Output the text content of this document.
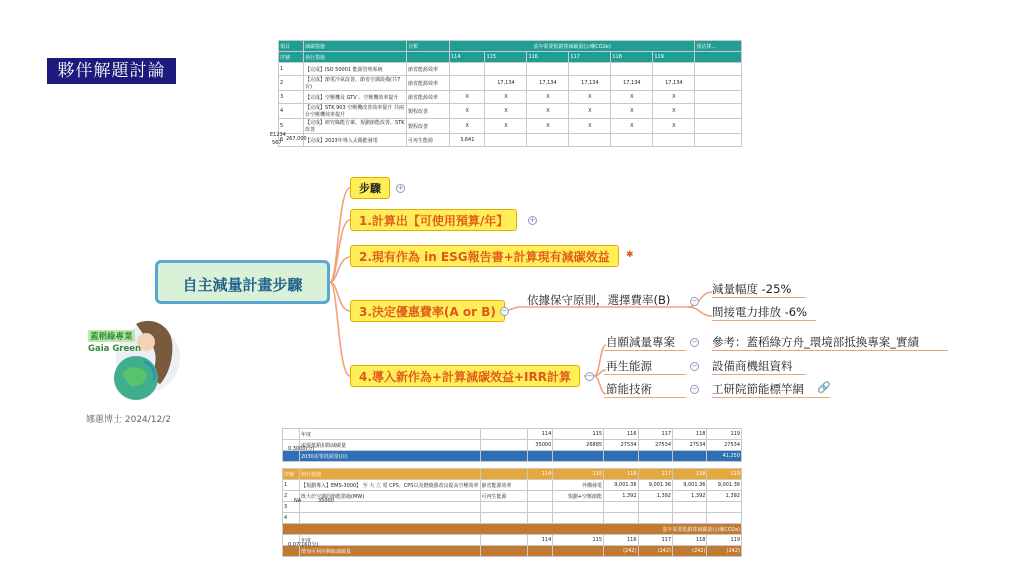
夥伴解題討論
項目	減碳措施	分類	基年需要抵銷排減碳量(公噸CO2e)						預估排...
序號	執行措施		114	115	116	117	118	119	
1	【完成】ISO 50001 能源管理系統	節省能源效率							
2	【完成】節電冷氣改善、節省空調設備(共7台)	節省能源效率		17,134	17,134	17,134	17,134	17,134	
3	【完成】空壓機及 GTV 、空壓機效率提升	節省能源效率	X	X	X	X	X	X	
4	【完成】STK 903 空壓機改善效率提升 共兩台空壓機效率提升	製程改善	X	X	X	X	X	X	
5	【完成】研究綠能方案、規劃節能改善、STK 改善	製程改善	X	X	X	X	X	X	
6	【完成】2023年導入太陽能發電	可再生能源	3,641						
E1234
567
267,000
自主減量計畫步驟
步驟	+
1.計算出【可使用預算/年】	+
2.現有作為 in ESG報告書+計算現有減碳效益	✱
3.決定優惠費率(A or B) −
4.導入新作為+計算減碳效益+IRR計算	−
依據保守原則，選擇費率(B)	−
減量幅度 -25%
間接電力排放 -6%
自願減量專案 − 參考：蓋稻綠方舟_環境部抵換專案_實績
再生能源	− 設備商機組資料
節能技術	− 工研院節能標竿網 🔗
蓋稻綠專業
Gaia Green
娜蕙博士 2024/12/2
	年度		114	115	116	117	118	119
	需要抵銷扣除減碳量		35000	26885	27534	27534	27534	27534
	2030需要抵銷量(扣)							41,250

序號	執行措施		114	115	116	117	118	119
1	【規劃導入】EMS-3000】 至 大 立 電 CPS、CPS以及燃燒器改良提高空壓效率	節省能源效率		外購發電	9,001.36	9,001.36	9,001.36	9,001.36
2	既大於空調的節能措施(MW)	可再生能源		規劃+空壓節能	1,392	1,392	1,392	1,392
3								
4								
基年需要抵銷排減碳量(公噸CO2e)								
	年度		114	115	116	117	118	119
	增加可利用剩餘減碳量				(242)	(242)	(242)	(242)
0.3000(分)
NA	35000
0.07(16)(分)
